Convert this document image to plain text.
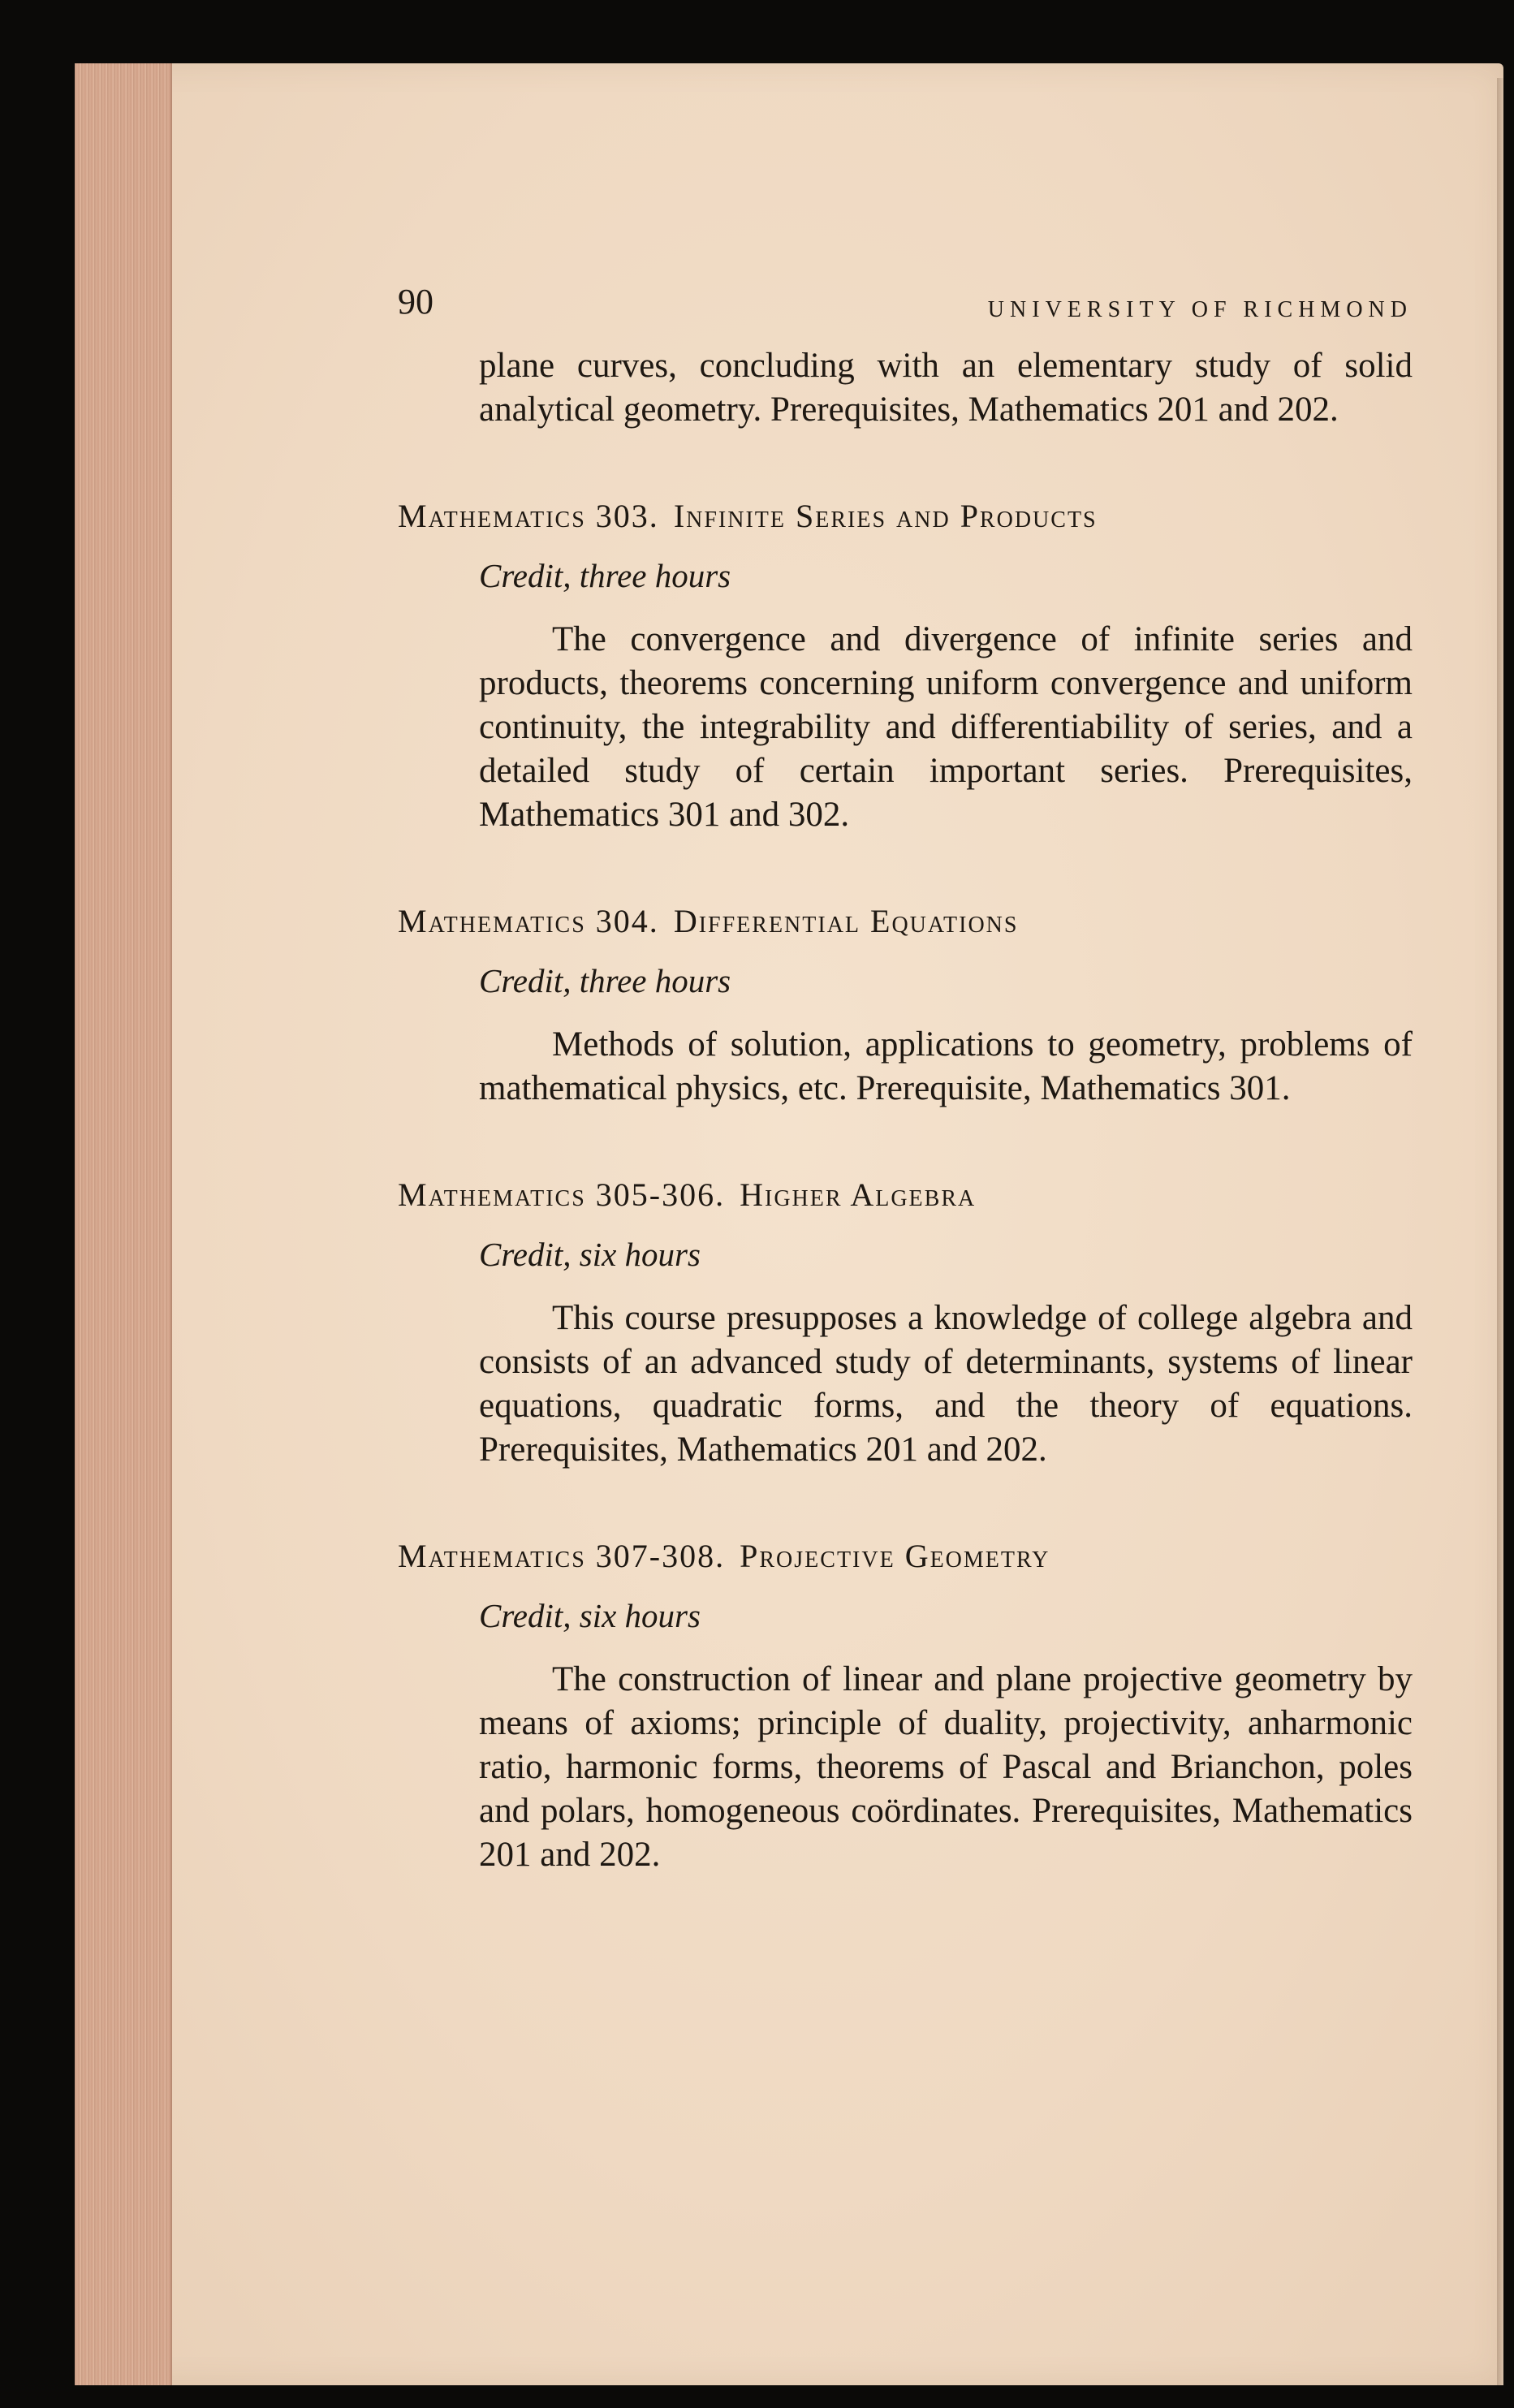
90	UNIVERSITY OF RICHMOND

plane curves, concluding with an elementary study of solid analytical geometry. Prerequisites, Mathematics 201 and 202.

Mathematics 303. Infinite Series and Products
Credit, three hours

The convergence and divergence of infinite series and products, theorems concerning uniform convergence and uniform continuity, the integrability and differentiability of series, and a detailed study of certain important series. Prerequisites, Mathematics 301 and 302.

Mathematics 304. Differential Equations
Credit, three hours

Methods of solution, applications to geometry, problems of mathematical physics, etc. Prerequisite, Mathematics 301.

Mathematics 305-306. Higher Algebra
Credit, six hours

This course presupposes a knowledge of college algebra and consists of an advanced study of determinants, systems of linear equations, quadratic forms, and the theory of equations. Prerequisites, Mathematics 201 and 202.

Mathematics 307-308. Projective Geometry
Credit, six hours

The construction of linear and plane projective geometry by means of axioms; principle of duality, projectivity, anharmonic ratio, harmonic forms, theorems of Pascal and Brianchon, poles and polars, homogeneous coördinates. Prerequisites, Mathematics 201 and 202.
